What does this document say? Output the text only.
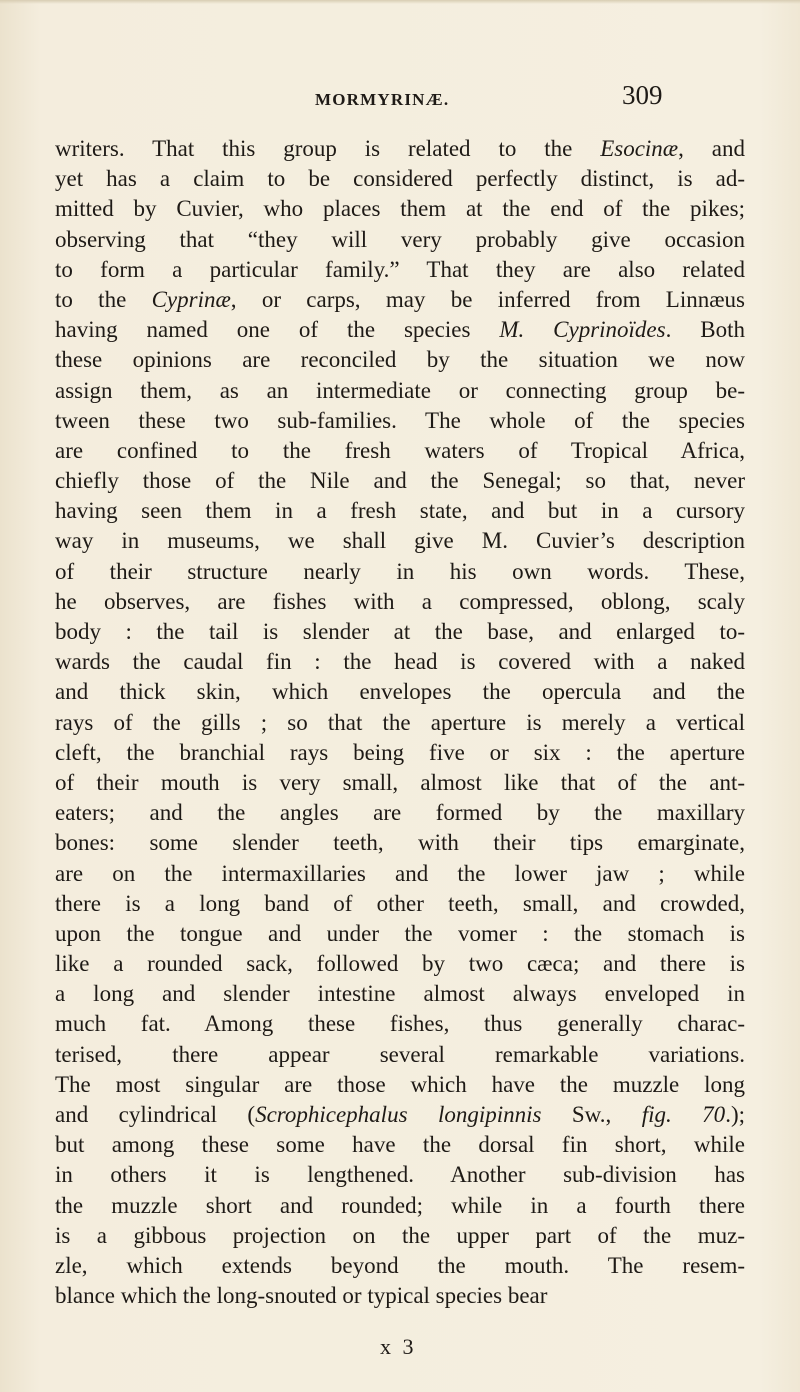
MORMYRINÆ.	309
writers. That this group is related to the Esocinæ, and
yet has a claim to be considered perfectly distinct, is ad-
mitted by Cuvier, who places them at the end of the pikes;
observing that “they will very probably give occasion
to form a particular family.” That they are also related
to the Cyprinæ, or carps, may be inferred from Linnæus
having named one of the species M. Cyprinoïdes. Both
these opinions are reconciled by the situation we now
assign them, as an intermediate or connecting group be-
tween these two sub-families. The whole of the species
are confined to the fresh waters of Tropical Africa,
chiefly those of the Nile and the Senegal; so that, never
having seen them in a fresh state, and but in a cursory
way in museums, we shall give M. Cuvier’s description
of their structure nearly in his own words. These,
he observes, are fishes with a compressed, oblong, scaly
body : the tail is slender at the base, and enlarged to-
wards the caudal fin : the head is covered with a naked
and thick skin, which envelopes the opercula and the
rays of the gills ; so that the aperture is merely a vertical
cleft, the branchial rays being five or six : the aperture
of their mouth is very small, almost like that of the ant-
eaters; and the angles are formed by the maxillary
bones: some slender teeth, with their tips emarginate,
are on the intermaxillaries and the lower jaw ; while
there is a long band of other teeth, small, and crowded,
upon the tongue and under the vomer : the stomach is
like a rounded sack, followed by two cæca; and there is
a long and slender intestine almost always enveloped in
much fat. Among these fishes, thus generally charac-
terised, there appear several remarkable variations.
The most singular are those which have the muzzle long
and cylindrical (Scrophicephalus longipinnis Sw., fig. 70.);
but among these some have the dorsal fin short, while
in others it is lengthened. Another sub-division has
the muzzle short and rounded; while in a fourth there
is a gibbous projection on the upper part of the muz-
zle, which extends beyond the mouth. The resem-
blance which the long-snouted or typical species bear
x 3
